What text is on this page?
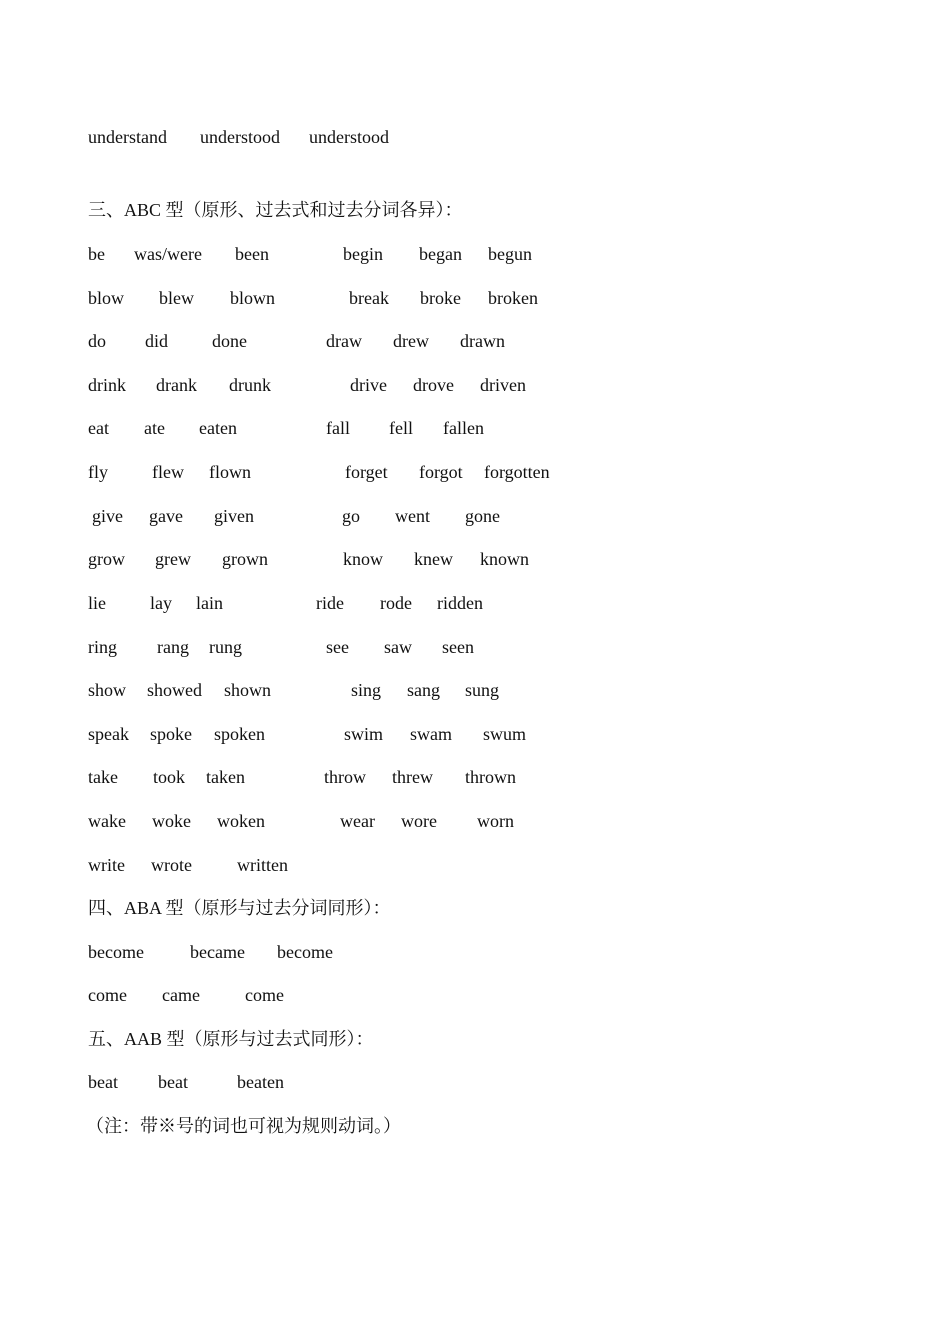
understand understood understood
三、ABC 型（原形、过去式和过去分词各异）：
be was/were been	begin began begun
blow blew blown	break broke broken
do did done	draw drew drawn
drink drank drunk	drive drove driven
eat ate eaten	fall fell fallen
fly flew flown	forget forgot forgotten
give gave given	go went gone
grow grew grown	know knew known
lie lay lain	ride rode ridden
ring rang rung	see saw seen
show showed shown	sing sang sung
speak spoke spoken	swim swam swum
take took taken	throw threw thrown
wake woke woken	wear wore worn
write wrote	written
四、ABA 型（原形与过去分词同形）：
become	became become
come came	come
五、AAB 型（原形与过去式同形）：
beat beat	beaten
（注：带※号的词也可视为规则动词。）
